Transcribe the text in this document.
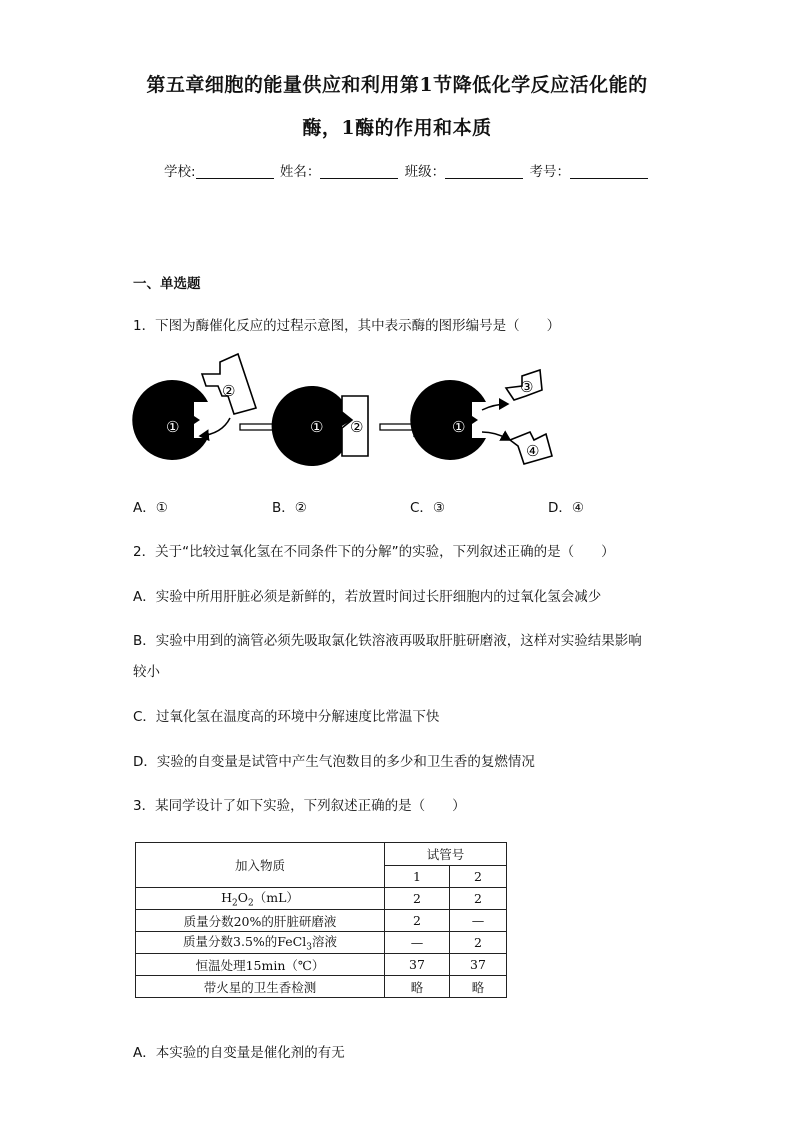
第五章细胞的能量供应和利用第1节降低化学反应活化能的
酶，1酶的作用和本质
学校:	姓名：	班级：	考号：
一、单选题
1．下图为酶催化反应的过程示意图，其中表示酶的图形编号是（　　）
①
②
① ②	①
③
④
A．①	B．②	C．③	D．④
2．关于“比较过氧化氢在不同条件下的分解”的实验，下列叙述正确的是（　　）
A．实验中所用肝脏必须是新鲜的，若放置时间过长肝细胞内的过氧化氢会减少
B．实验中用到的滴管必须先吸取氯化铁溶液再吸取肝脏研磨液，这样对实验结果影响
较小
C．过氧化氢在温度高的环境中分解速度比常温下快
D．实验的自变量是试管中产生气泡数目的多少和卫生香的复燃情况
3．某同学设计了如下实验，下列叙述正确的是（　　）
加入物质	试管号	
	1	2
$H_2O_2(mL)$	2	2
质量分数20%的肝脏研磨液	2	—
质量分数3.5%的FeCl$_3$溶液	—	2
恒温处理15min（℃）	37	37
带火星的卫生香检测	略	略
A．本实验的自变量是催化剂的有无
